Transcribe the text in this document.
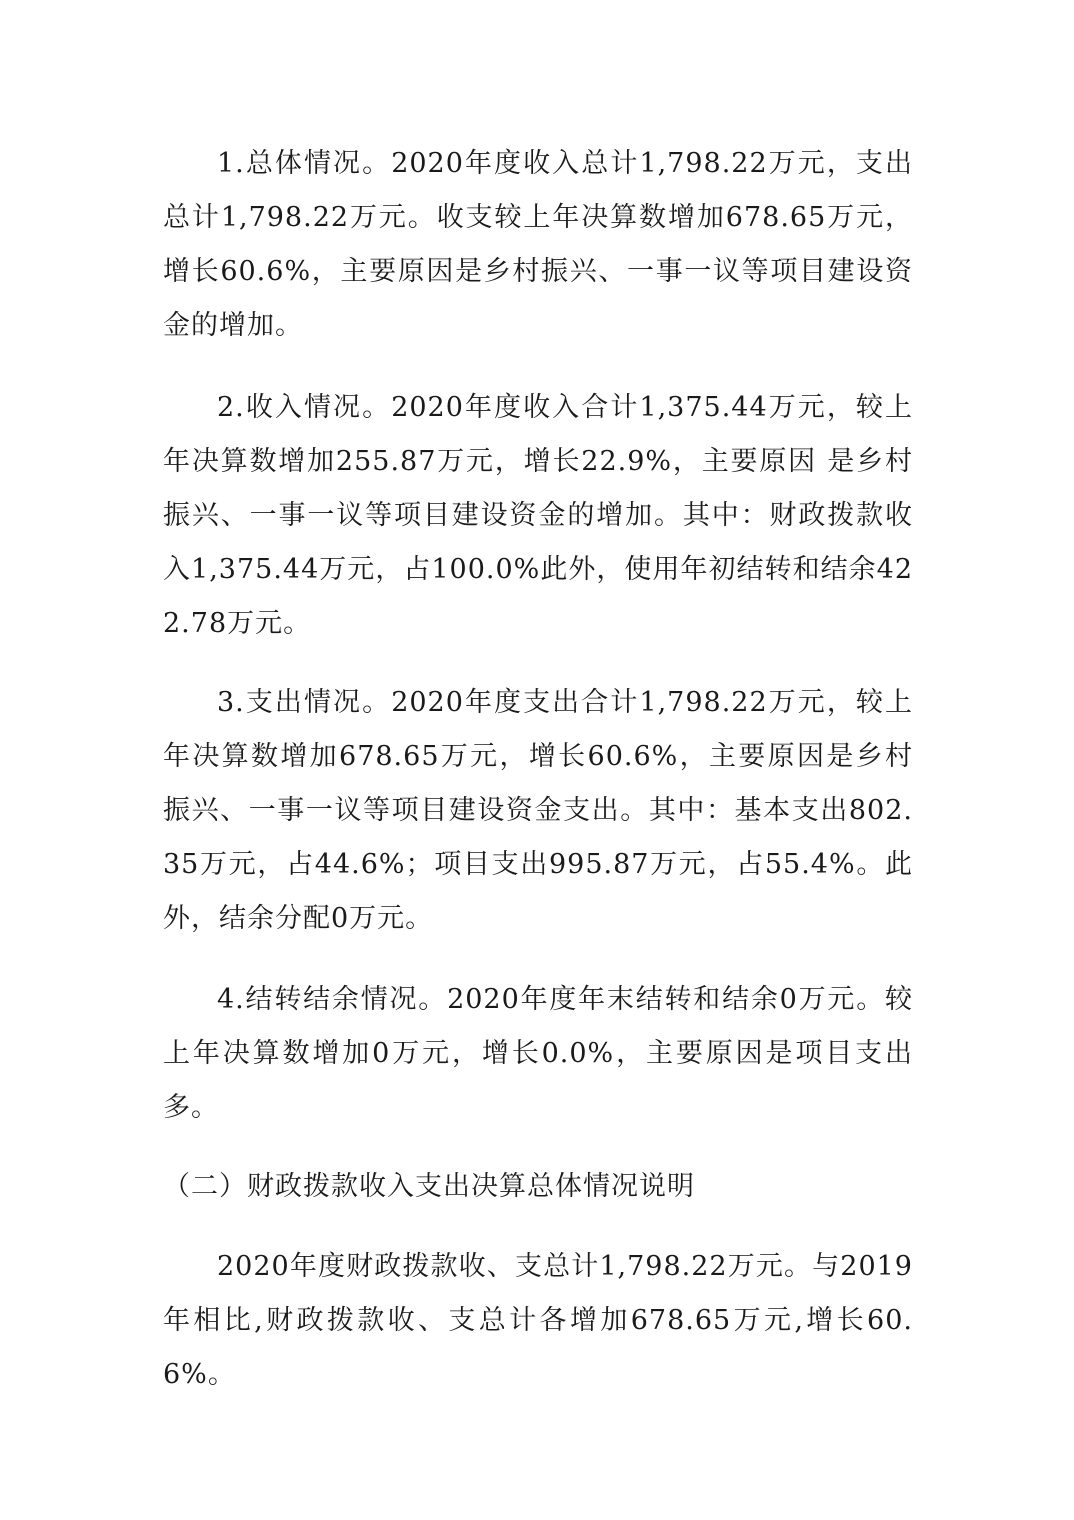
1.总体情况。2020年度收入总计1,798.22万元，支出总计1,798.22万元。收支较上年决算数增加678.65万元，增长60.6%，主要原因是乡村振兴、一事一议等项目建设资金的增加。

2.收入情况。2020年度收入合计1,375.44万元，较上年决算数增加255.87万元，增长22.9%，主要原因 是乡村振兴、一事一议等项目建设资金的增加。其中：财政拨款收入1,375.44万元，占100.0%此外，使用年初结转和结余422.78万元。

3.支出情况。2020年度支出合计1,798.22万元，较上年决算数增加678.65万元，增长60.6%，主要原因是乡村振兴、一事一议等项目建设资金支出。其中：基本支出802.35万元，占44.6%；项目支出995.87万元，占55.4%。此外，结余分配0万元。

4.结转结余情况。2020年度年末结转和结余0万元。较上年决算数增加0万元，增长0.0%，主要原因是项目支出多。

（二）财政拨款收入支出决算总体情况说明

2020年度财政拨款收、支总计1,798.22万元。与2019年相比,财政拨款收、支总计各增加678.65万元,增长60.6%。
